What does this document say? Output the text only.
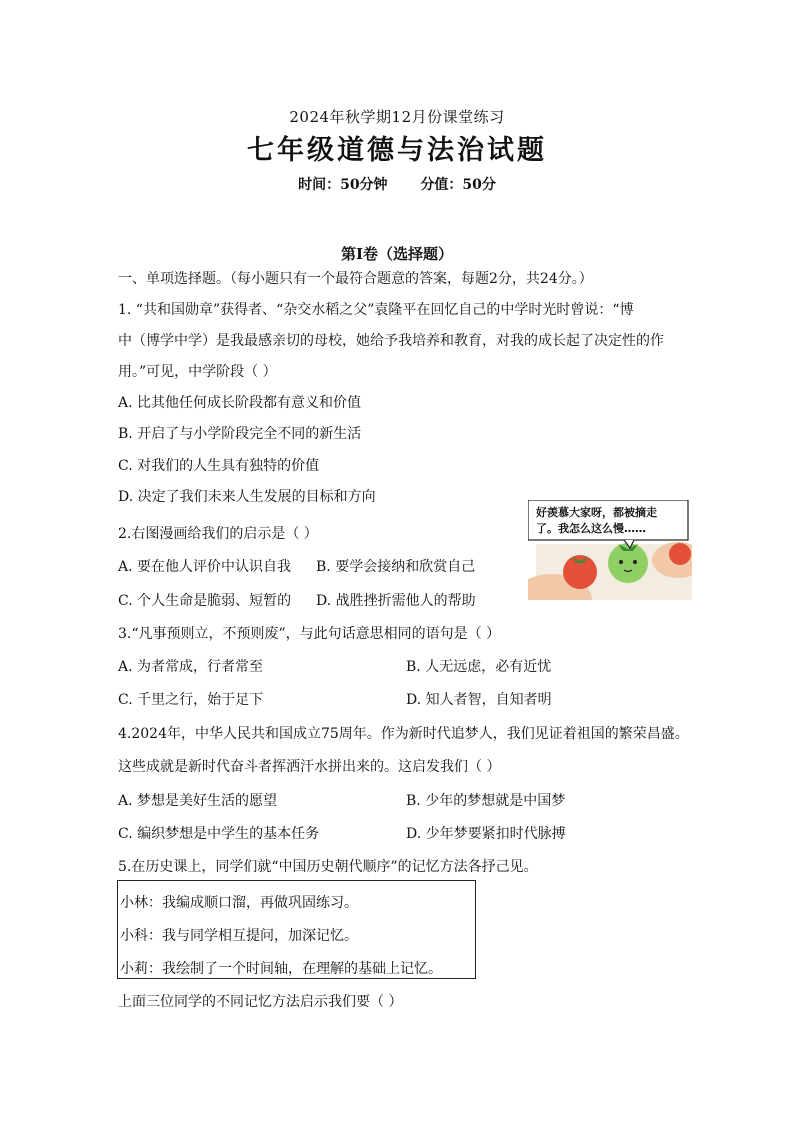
2024年秋学期12月份课堂练习
七年级道德与法治试题
时间：50分钟 分值：50分
第Ⅰ卷（选择题）
一、单项选择题。（每小题只有一个最符合题意的答案，每题2分，共24分。）
1. “共和国勋章”获得者、“杂交水稻之父”袁隆平在回忆自己的中学时光时曾说：“博
中（博学中学）是我最感亲切的母校，她给予我培养和教育，对我的成长起了决定性的作
用。”可见，中学阶段（ ）
A. 比其他任何成长阶段都有意义和价值
B. 开启了与小学阶段完全不同的新生活
C. 对我们的人生具有独特的价值
D. 决定了我们未来人生发展的目标和方向
2.右图漫画给我们的启示是（ ）
A. 要在他人评价中认识自我 B. 要学会接纳和欣赏自己
C. 个人生命是脆弱、短暂的 D. 战胜挫折需他人的帮助
好羡慕大家呀，都被摘走
了。我怎么这么慢……
3.“凡事预则立，不预则废”，与此句话意思相同的语句是（ ）
A. 为者常成，行者常至	B. 人无远虑，必有近忧
C. 千里之行，始于足下	D. 知人者智，自知者明
4.2024年，中华人民共和国成立75周年。作为新时代追梦人，我们见证着祖国的繁荣昌盛。
这些成就是新时代奋斗者挥洒汗水拼出来的。这启发我们（ ）
A. 梦想是美好生活的愿望	B. 少年的梦想就是中国梦
C. 编织梦想是中学生的基本任务	D. 少年梦要紧扣时代脉搏
5.在历史课上，同学们就“中国历史朝代顺序”的记忆方法各抒己见。
小林：我编成顺口溜，再做巩固练习。
小科：我与同学相互提问，加深记忆。
小莉：我绘制了一个时间轴，在理解的基础上记忆。
上面三位同学的不同记忆方法启示我们要（ ）
